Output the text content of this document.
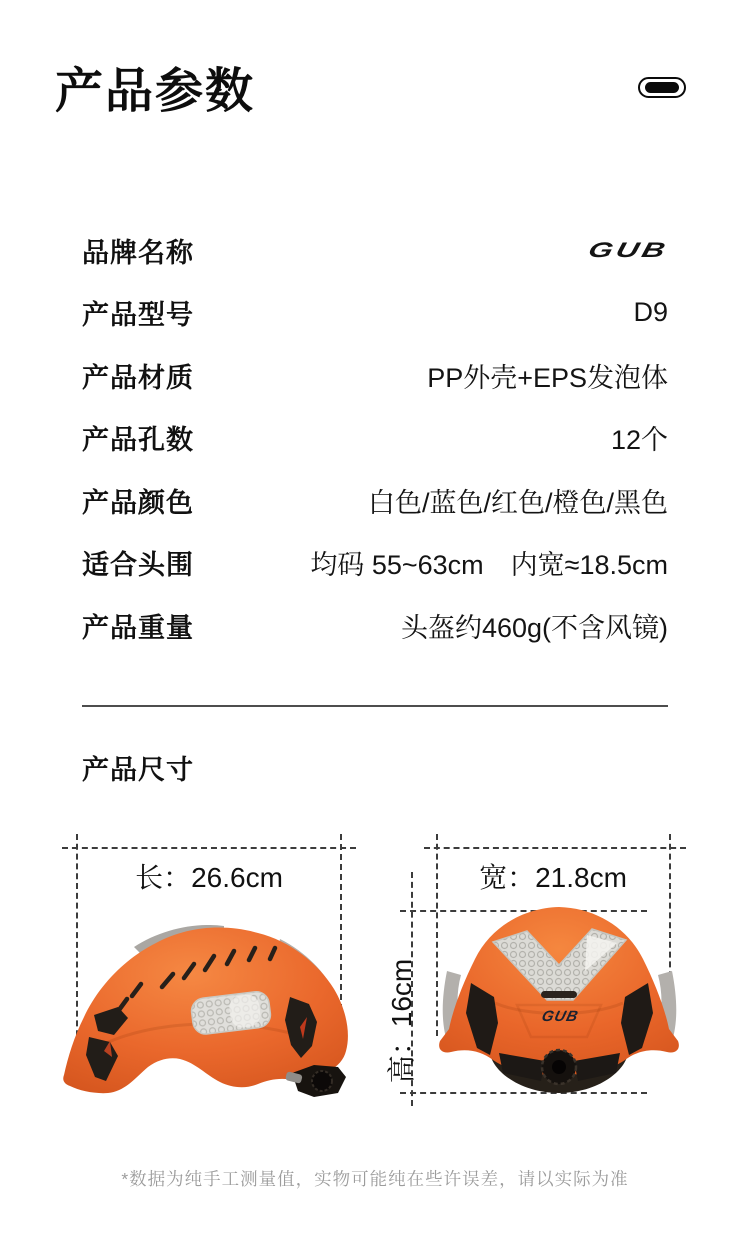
产品参数
品牌名称	GUB
产品型号	D9
产品材质	PP外壳+EPS发泡体
产品孔数	12个
产品颜色	白色/蓝色/红色/橙色/黑色
适合头围	均码 55~63cm　内宽≈18.5cm
产品重量	头盔约460g(不含风镜)
产品尺寸
长：26.6cm	宽：21.8cm
高：16cm	GUB
*数据为纯手工测量值，实物可能纯在些许误差，请以实际为准
